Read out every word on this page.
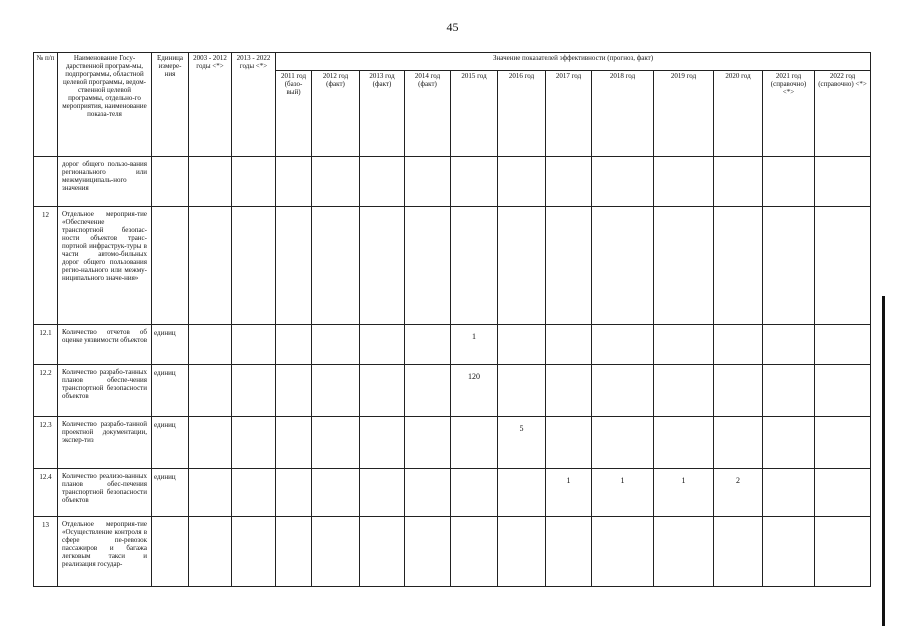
45
№ п/п	Наименование Госу-дарственной програм-мы, подпрограммы, областной целевой программы, ведом-ственной целевой программы, отдельно-го мероприятия, наименование показа-теля	Единица измере-ния	2003 - 2012 годы <*>	2013 - 2022 годы <*>	Значение показателей эффективности (прогноз, факт)											
					2011 год (базо-вый)	2012 год (факт)	2013 год (факт)	2014 год (факт)	2015 год	2016 год	2017 год	2018 год	2019 год	2020 год	2021 год (справочно) <*>	2022 год (справочно) <*>
	дорог общего пользо-вания регионального или межмуниципаль-ного значения															
12	Отдельное мероприя-тие «Обеспечение транспортной безопас-ности объектов транс-портной инфраструк-туры в части автомо-бильных дорог общего пользования регио-нального или межму-ниципального значе-ния»															
12.1	Количество отчетов об оценке уязвимости объектов	единиц							1							
12.2	Количество разрабо-танных планов обеспе-чения транспортной безопасности объектов	единиц							120							
12.3	Количество разрабо-танной проектной документации, экспер-тиз	единиц								5						
12.4	Количество реализо-ванных планов обес-печения транспортной безопасности объектов	единиц									1	1	1	2		
13	Отдельное мероприя-тие «Осуществление контроля в сфере пе-ревозок пассажиров и багажа легковым такси и реализация государ-															
